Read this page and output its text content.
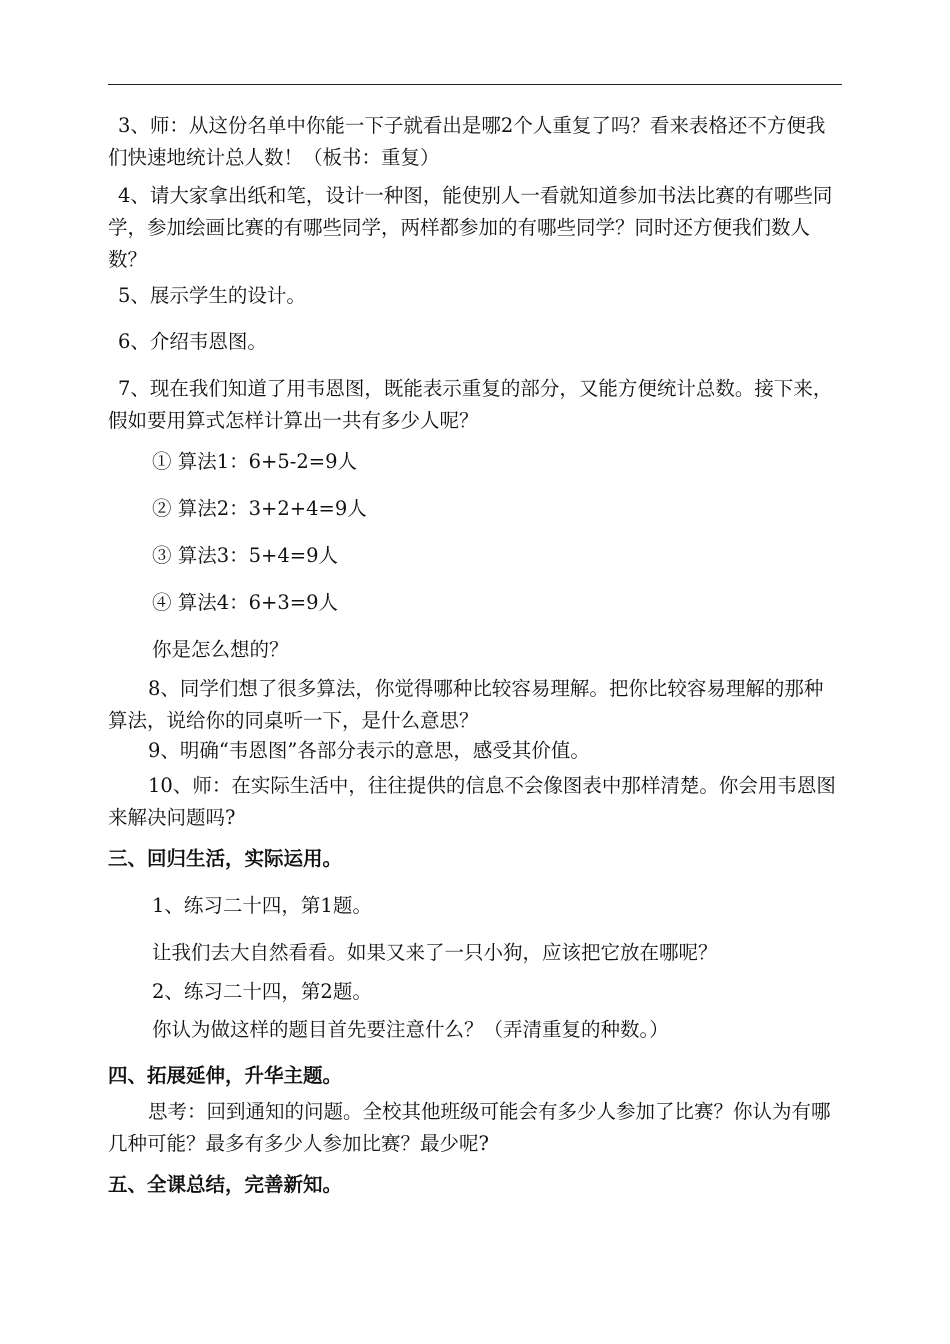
3、师：从这份名单中你能一下子就看出是哪2个人重复了吗？看来表格还不方便我们快速地统计总人数！（板书：重复）

4、请大家拿出纸和笔，设计一种图，能使别人一看就知道参加书法比赛的有哪些同学，参加绘画比赛的有哪些同学，两样都参加的有哪些同学？同时还方便我们数人数？

5、展示学生的设计。

6、介绍韦恩图。

7、现在我们知道了用韦恩图，既能表示重复的部分，又能方便统计总数。接下来，假如要用算式怎样计算出一共有多少人呢？

① 算法1：6+5-2=9人

② 算法2：3+2+4=9人

③ 算法3：5+4=9人

④ 算法4：6+3=9人

你是怎么想的？

8、同学们想了很多算法，你觉得哪种比较容易理解。把你比较容易理解的那种算法，说给你的同桌听一下，是什么意思？

9、明确“韦恩图”各部分表示的意思，感受其价值。

10、师：在实际生活中，往往提供的信息不会像图表中那样清楚。你会用韦恩图来解决问题吗?

三、回归生活，实际运用。

1、练习二十四，第1题。

让我们去大自然看看。如果又来了一只小狗，应该把它放在哪呢？

2、练习二十四，第2题。

你认为做这样的题目首先要注意什么？（弄清重复的种数。）

四、拓展延伸，升华主题。

思考：回到通知的问题。全校其他班级可能会有多少人参加了比赛？你认为有哪几种可能？最多有多少人参加比赛？最少呢?

五、全课总结，完善新知。
